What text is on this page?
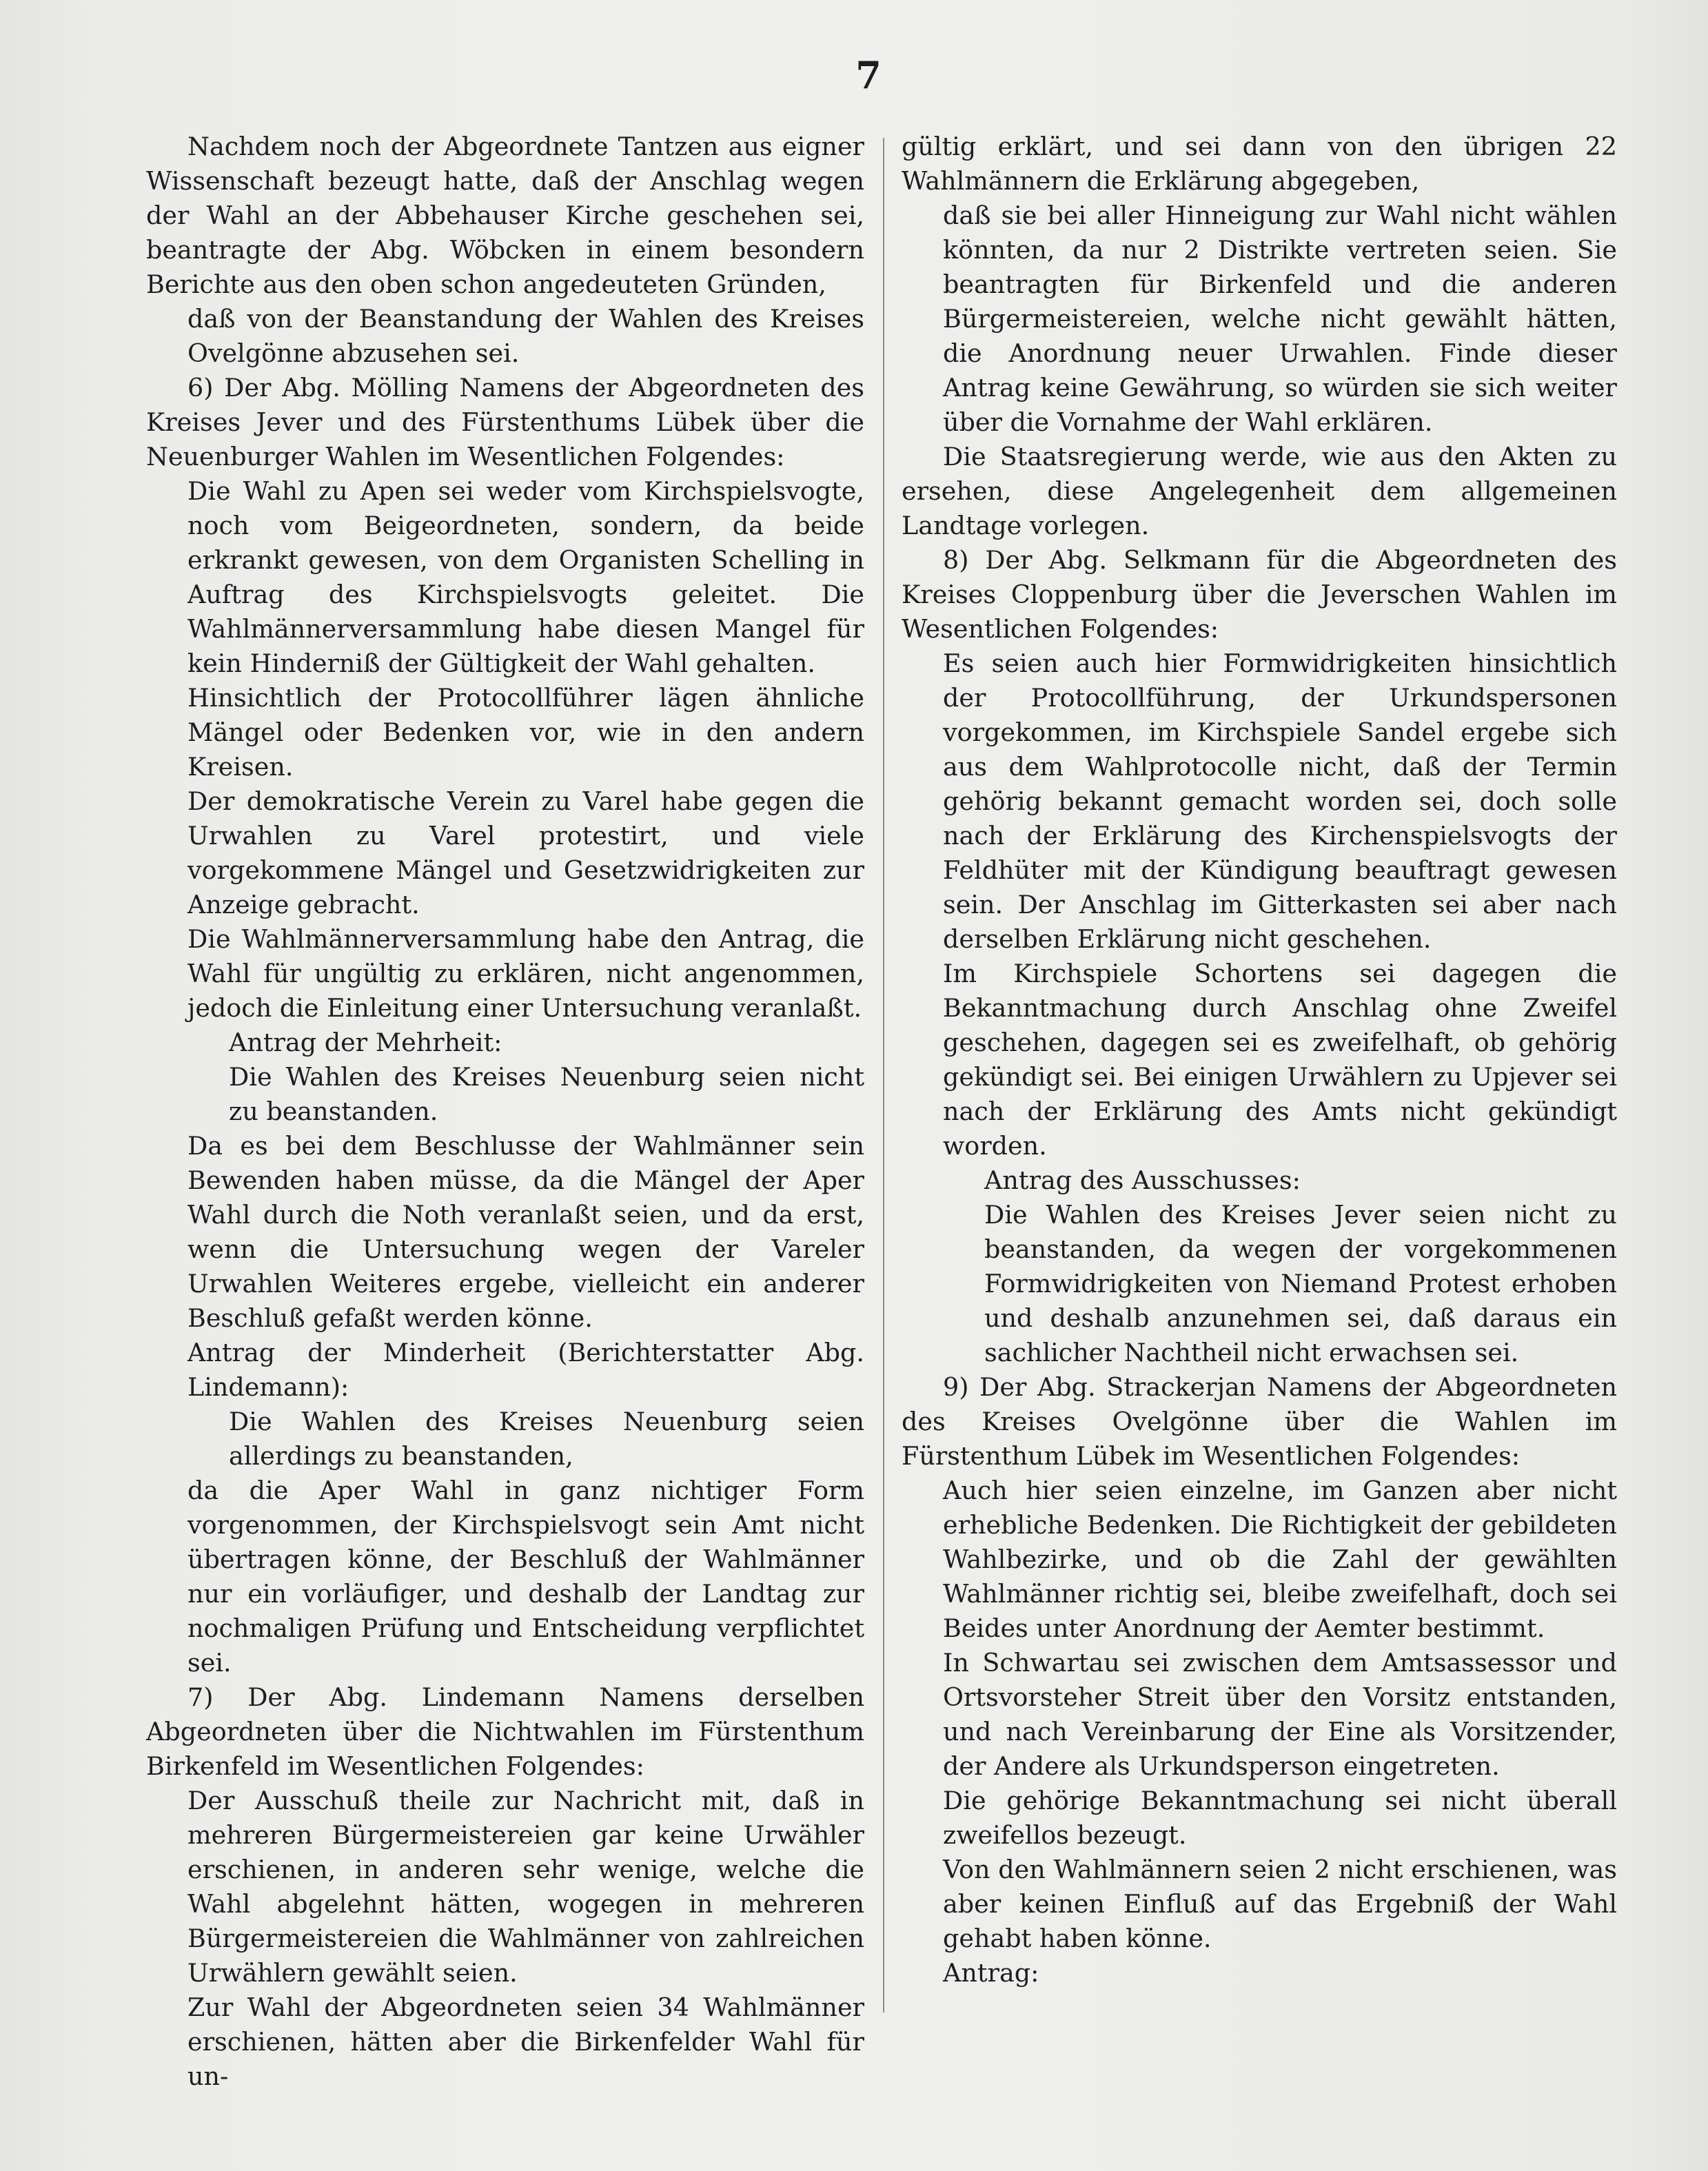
7

Nachdem noch der Abgeordnete Tantzen aus eigner Wissenschaft bezeugt hatte, daß der Anschlag wegen der Wahl an der Abbehauser Kirche geschehen sei, beantragte der Abg. Wöbcken in einem besondern Berichte aus den oben schon angedeuteten Gründen,

daß von der Beanstandung der Wahlen des Kreises Ovelgönne abzusehen sei.

6) Der Abg. Mölling Namens der Abgeordneten des Kreises Jever und des Fürstenthums Lübek über die Neuenburger Wahlen im Wesentlichen Folgendes:

Die Wahl zu Apen sei weder vom Kirchspielsvogte, noch vom Beigeordneten, sondern, da beide erkrankt gewesen, von dem Organisten Schelling in Auftrag des Kirchspielsvogts geleitet. Die Wahlmännerversammlung habe diesen Mangel für kein Hinderniß der Gültigkeit der Wahl gehalten.

Hinsichtlich der Protocollführer lägen ähnliche Mängel oder Bedenken vor, wie in den andern Kreisen.

Der demokratische Verein zu Varel habe gegen die Urwahlen zu Varel protestirt, und viele vorgekommene Mängel und Gesetzwidrigkeiten zur Anzeige gebracht.

Die Wahlmännerversammlung habe den Antrag, die Wahl für ungültig zu erklären, nicht angenommen, jedoch die Einleitung einer Untersuchung veranlaßt.

Antrag der Mehrheit:

Die Wahlen des Kreises Neuenburg seien nicht zu beanstanden.

Da es bei dem Beschlusse der Wahlmänner sein Bewenden haben müsse, da die Mängel der Aper Wahl durch die Noth veranlaßt seien, und da erst, wenn die Untersuchung wegen der Vareler Urwahlen Weiteres ergebe, vielleicht ein anderer Beschluß gefaßt werden könne.

Antrag der Minderheit (Berichterstatter Abg. Lindemann):

Die Wahlen des Kreises Neuenburg seien allerdings zu beanstanden,

da die Aper Wahl in ganz nichtiger Form vorgenommen, der Kirchspielsvogt sein Amt nicht übertragen könne, der Beschluß der Wahlmänner nur ein vorläufiger, und deshalb der Landtag zur nochmaligen Prüfung und Entscheidung verpflichtet sei.

7) Der Abg. Lindemann Namens derselben Abgeordneten über die Nichtwahlen im Fürstenthum Birkenfeld im Wesentlichen Folgendes:

Der Ausschuß theile zur Nachricht mit, daß in mehreren Bürgermeistereien gar keine Urwähler erschienen, in anderen sehr wenige, welche die Wahl abgelehnt hätten, wogegen in mehreren Bürgermeistereien die Wahlmänner von zahlreichen Urwählern gewählt seien.

Zur Wahl der Abgeordneten seien 34 Wahlmänner erschienen, hätten aber die Birkenfelder Wahl für un-

gültig erklärt, und sei dann von den übrigen 22 Wahlmännern die Erklärung abgegeben,

daß sie bei aller Hinneigung zur Wahl nicht wählen könnten, da nur 2 Distrikte vertreten seien. Sie beantragten für Birkenfeld und die anderen Bürgermeistereien, welche nicht gewählt hätten, die Anordnung neuer Urwahlen. Finde dieser Antrag keine Gewährung, so würden sie sich weiter über die Vornahme der Wahl erklären.

Die Staatsregierung werde, wie aus den Akten zu ersehen, diese Angelegenheit dem allgemeinen Landtage vorlegen.

8) Der Abg. Selkmann für die Abgeordneten des Kreises Cloppenburg über die Jeverschen Wahlen im Wesentlichen Folgendes:

Es seien auch hier Formwidrigkeiten hinsichtlich der Protocollführung, der Urkundspersonen vorgekommen, im Kirchspiele Sandel ergebe sich aus dem Wahlprotocolle nicht, daß der Termin gehörig bekannt gemacht worden sei, doch solle nach der Erklärung des Kirchenspielsvogts der Feldhüter mit der Kündigung beauftragt gewesen sein. Der Anschlag im Gitterkasten sei aber nach derselben Erklärung nicht geschehen.

Im Kirchspiele Schortens sei dagegen die Bekanntmachung durch Anschlag ohne Zweifel geschehen, dagegen sei es zweifelhaft, ob gehörig gekündigt sei. Bei einigen Urwählern zu Upjever sei nach der Erklärung des Amts nicht gekündigt worden.

Antrag des Ausschusses:

Die Wahlen des Kreises Jever seien nicht zu beanstanden, da wegen der vorgekommenen Formwidrigkeiten von Niemand Protest erhoben und deshalb anzunehmen sei, daß daraus ein sachlicher Nachtheil nicht erwachsen sei.

9) Der Abg. Strackerjan Namens der Abgeordneten des Kreises Ovelgönne über die Wahlen im Fürstenthum Lübek im Wesentlichen Folgendes:

Auch hier seien einzelne, im Ganzen aber nicht erhebliche Bedenken. Die Richtigkeit der gebildeten Wahlbezirke, und ob die Zahl der gewählten Wahlmänner richtig sei, bleibe zweifelhaft, doch sei Beides unter Anordnung der Aemter bestimmt.

In Schwartau sei zwischen dem Amtsassessor und Ortsvorsteher Streit über den Vorsitz entstanden, und nach Vereinbarung der Eine als Vorsitzender, der Andere als Urkundsperson eingetreten.

Die gehörige Bekanntmachung sei nicht überall zweifellos bezeugt.

Von den Wahlmännern seien 2 nicht erschienen, was aber keinen Einfluß auf das Ergebniß der Wahl gehabt haben könne.

Antrag:
